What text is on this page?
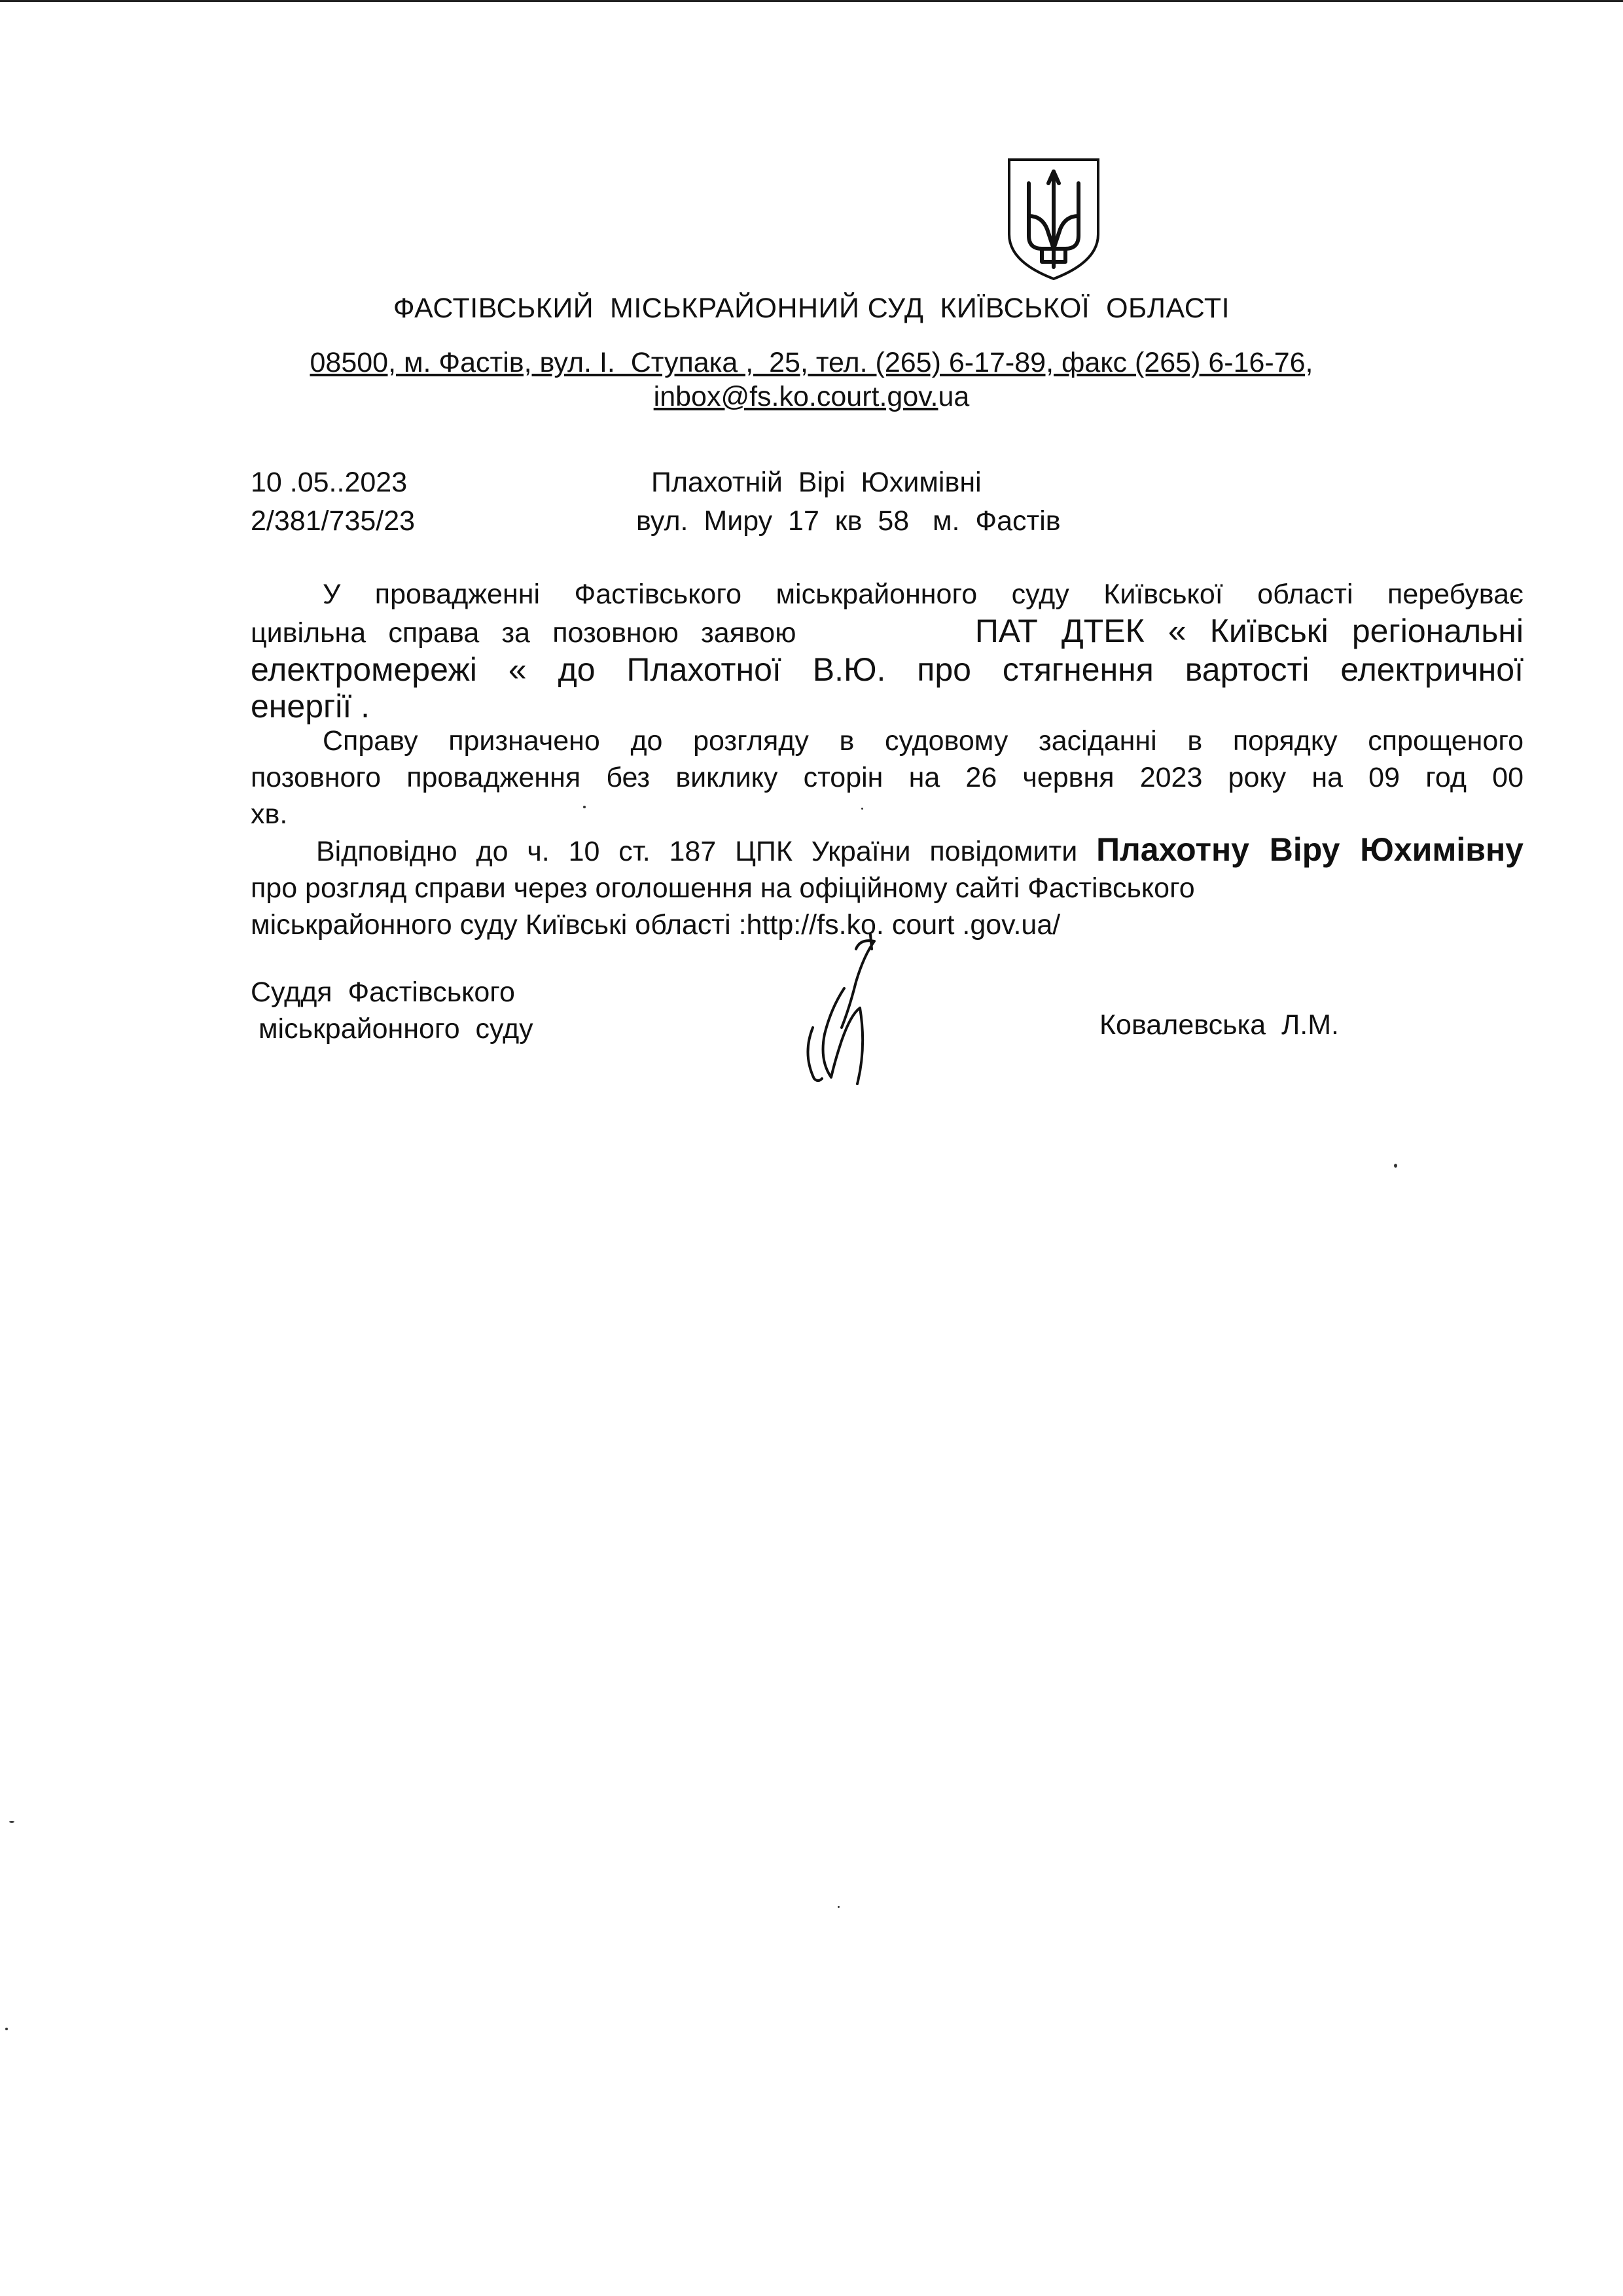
ФАСТІВСЬКИЙ  МІСЬКРАЙОННИЙ СУД  КИЇВСЬКОЇ  ОБЛАСТІ
08500, м. Фастів, вул. І.  Ступака ,  25, тел. (265) 6-17-89, факс (265) 6-16-76,
inbox@fs.ko.court.gov.ua
10 .05..2023
2/381/735/23
Плахотній  Вірі  Юхимівні
вул.  Миру  17  кв  58   м.  Фастів
У провадженні Фастівського міськрайонного суду Київської області перебуває
цивільна справа за позовною заявою	ПАТ ДТЕК « Київські регіональні
електромережі « до Плахотної В.Ю. про стягнення вартості електричної
енергії .
Справу призначено до розгляду в судовому засіданні в порядку спрощеного
позовного провадження без виклику сторін на 26 червня 2023 року на 09 год 00
хв.
Відповідно до ч. 10 ст. 187 ЦПК України повідомити Плахотну Віру Юхимівну
про розгляд справи через оголошення на офіційному сайті Фастівського
міськрайонного суду Київські області :http://fs.ko. court .gov.ua/
Суддя  Фастівського
міськрайонного  суду	Ковалевська  Л.М.
